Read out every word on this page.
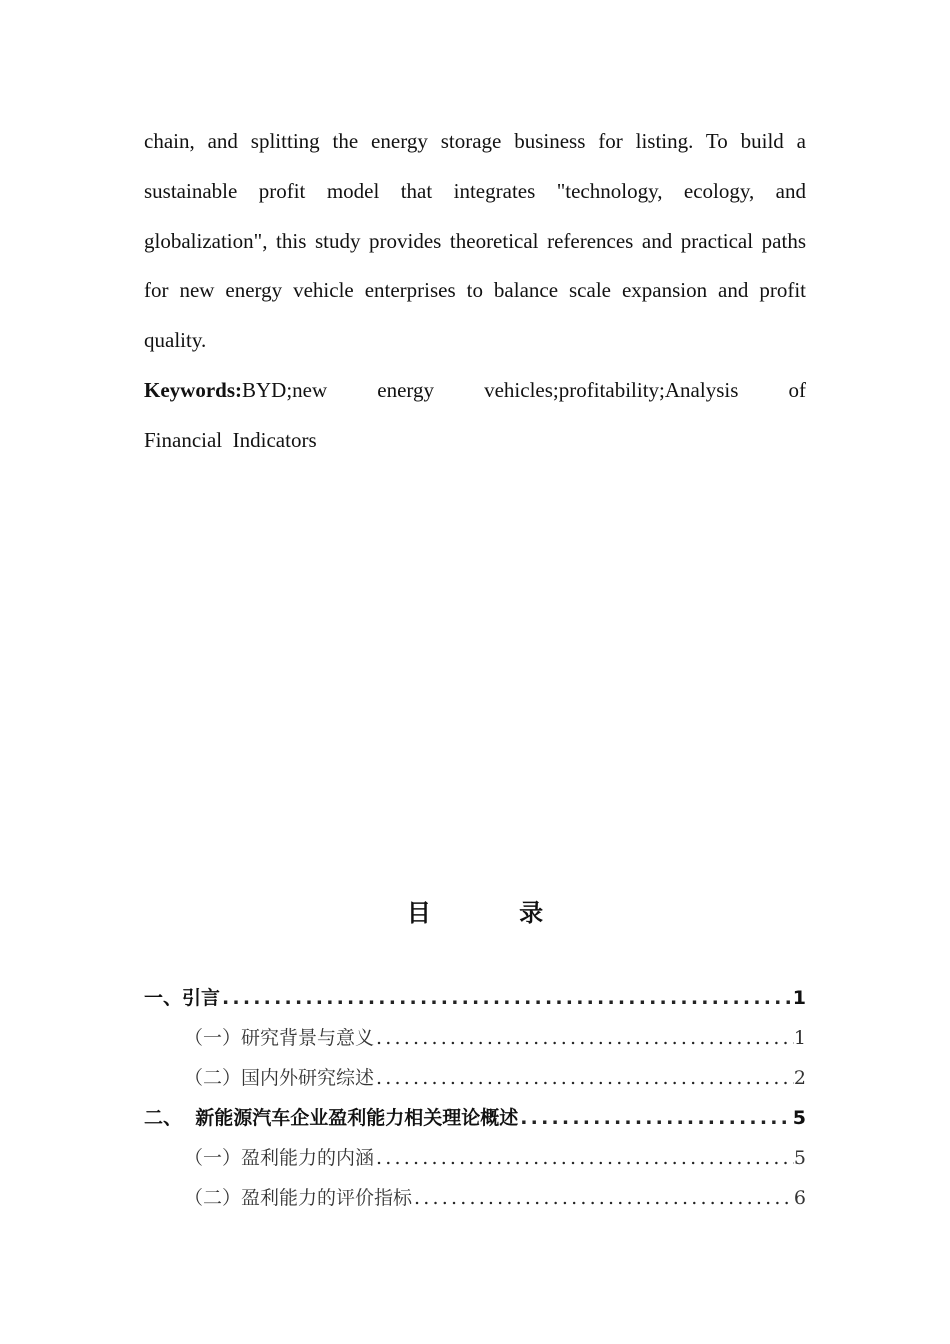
chain, and splitting the energy storage business for listing. To build a sustainable profit model that integrates "technology, ecology, and globalization", this study provides theoretical references and practical paths for new energy vehicle enterprises to balance scale expansion and profit quality.

Keywords:BYD;new energy vehicles;profitability;Analysis of
Financial  Indicators
目 录
一、引言 .....	1
（一）研究背景与意义 .....	1
（二）国内外研究综述 .....	2
二、  新能源汽车企业盈利能力相关理论概述 .....	5
（一）盈利能力的内涵 .....	5
（二）盈利能力的评价指标 .....	6
